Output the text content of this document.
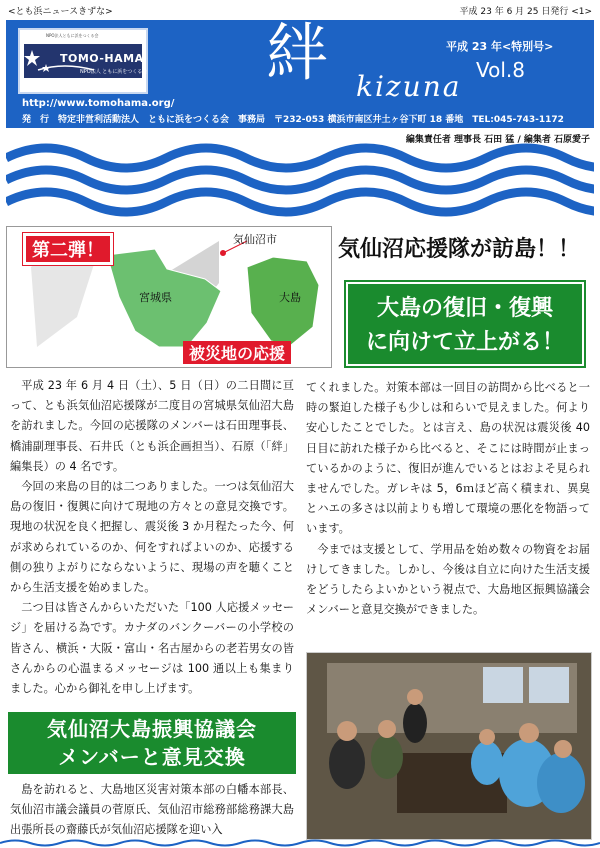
<とも浜ニュースきずな>	平成 23 年 6 月 25 日発行 <1>
NPO法人ともに浜をつくる会
TOMO-HAMA
NPO法人 ともに浜をつくる会
http://www.tomohama.org/
絆 kizuna
平成 23 年<特別号>
Vol.8
発　行　特定非営利活動法人　ともに浜をつくる会　事務局　〒232-053 横浜市南区井土ヶ谷下町 18 番地　TEL:045-743-1172
編集責任者 理事長 石田 猛 / 編集者 石原愛子
第二弾！
気仙沼市
宮城県	大島
被災地の応援
気仙沼応援隊が訪島！！
大島の復旧・復興
に向けて立上がる！

平成 23 年 6 月 4 日（土）、5 日（日）の二日間に亘って、とも浜気仙沼応援隊が二度目の宮城県気仙沼大島を訪れました。今回の応援隊のメンバーは石田理事長、橋浦副理事長、石井氏（とも浜企画担当）、石原（「絆」編集長）の 4 名です。

今回の来島の目的は二つありました。一つは気仙沼大島の復旧・復興に向けて現地の方々との意見交換です。現地の状況を良く把握し、震災後 3 か月程たった今、何が求められているのか、何をすればよいのか、応援する側の独りよがりにならないように、現場の声を聴くことから生活支援を始めました。

二つ目は皆さんからいただいた「100 人応援メッセージ」を届ける為です。カナダのバンクーバーの小学校の皆さん、横浜・大阪・富山・名古屋からの老若男女の皆さんからの心温まるメッセージは 100 通以上も集まりました。心から御礼を申し上げます。

気仙沼大島振興協議会
メンバーと意見交換

島を訪れると、大島地区災害対策本部の白幡本部長、気仙沼市議会議員の菅原氏、気仙沼市総務部総務課大島出張所長の齋藤氏が気仙沼応援隊を迎い入

てくれました。対策本部は一回目の訪問から比べると一時の緊迫した様子も少しは和らいで見えました。何より安心したことでした。とは言え、島の状況は震災後 40 日目に訪れた様子から比べると、そこには時間が止まっているかのように、復旧が進んでいるとはおよそ見られませんでした。ガレキは 5，6ｍほど高く積まれ、異臭とハエの多さは以前よりも増して環境の悪化を物語っています。

今までは支援として、学用品を始め数々の物資をお届けしてきました。しかし、今後は自立に向けた生活支援をどうしたらよいかという視点で、大島地区振興協議会メンバーと意見交換ができました。
